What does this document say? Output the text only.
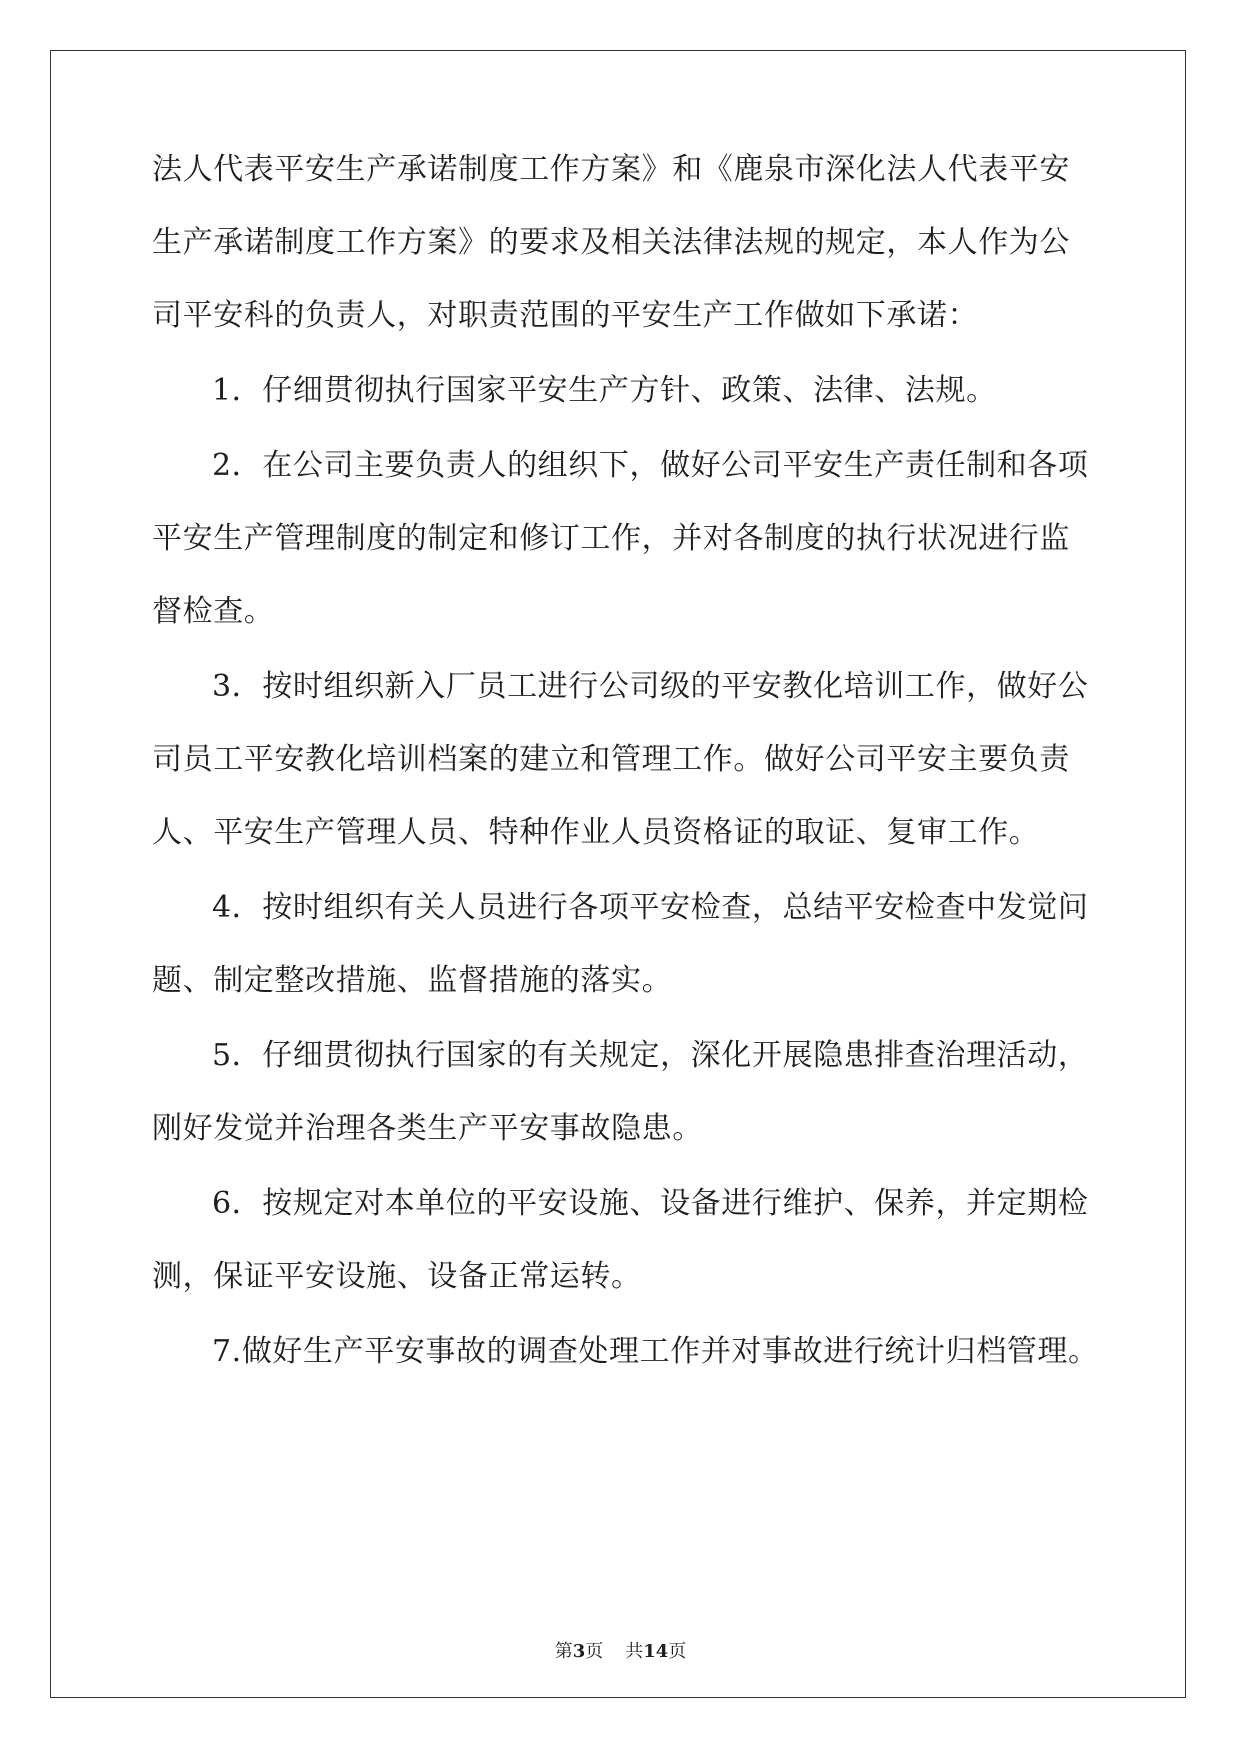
法人代表平安生产承诺制度工作方案》和《鹿泉市深化法人代表平安
生产承诺制度工作方案》的要求及相关法律法规的规定，本人作为公
司平安科的负责人，对职责范围的平安生产工作做如下承诺：
1．仔细贯彻执行国家平安生产方针、政策、法律、法规。
2．在公司主要负责人的组织下，做好公司平安生产责任制和各项
平安生产管理制度的制定和修订工作，并对各制度的执行状况进行监
督检查。
3．按时组织新入厂员工进行公司级的平安教化培训工作，做好公
司员工平安教化培训档案的建立和管理工作。做好公司平安主要负责
人、平安生产管理人员、特种作业人员资格证的取证、复审工作。
4．按时组织有关人员进行各项平安检查，总结平安检查中发觉问
题、制定整改措施、监督措施的落实。
5．仔细贯彻执行国家的有关规定，深化开展隐患排查治理活动，
刚好发觉并治理各类生产平安事故隐患。
6．按规定对本单位的平安设施、设备进行维护、保养，并定期检
测，保证平安设施、设备正常运转。
7.做好生产平安事故的调查处理工作并对事故进行统计归档管理。
第3页 共14页
